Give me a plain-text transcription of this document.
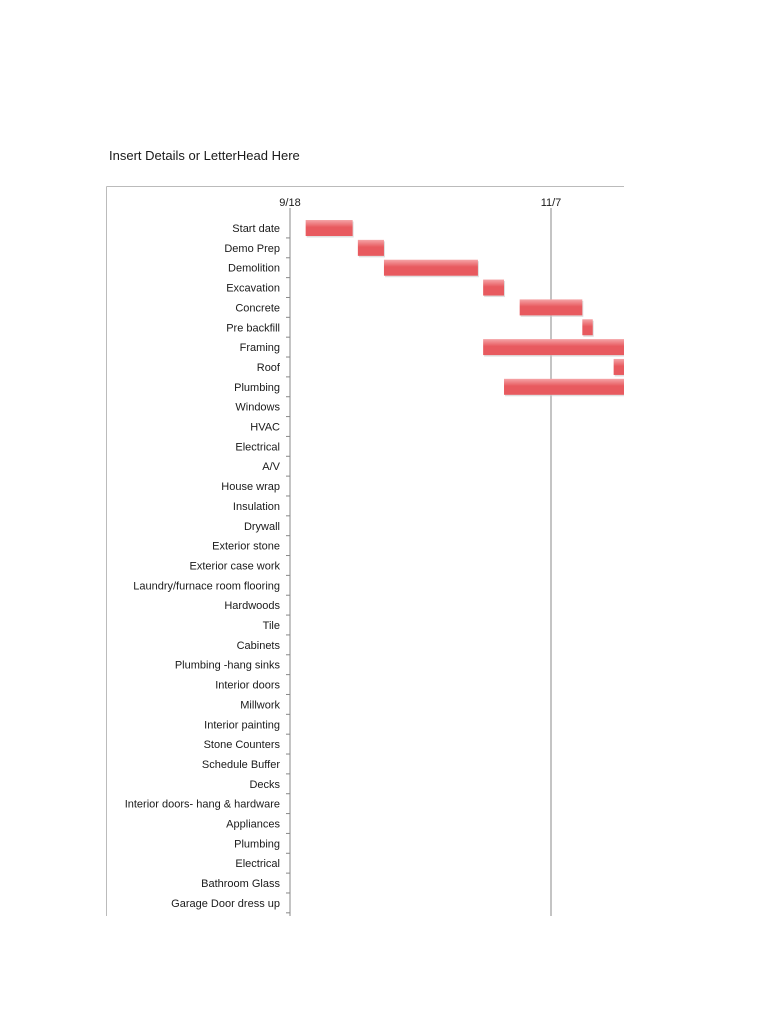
Insert Details or LetterHead Here
9/18	11/7
Start date
Demo Prep
Demolition
Excavation
Concrete
Pre backfill
Framing
Roof
Plumbing
Windows
HVAC
Electrical
A/V
House wrap
Insulation
Drywall
Exterior stone
Exterior case work
Laundry/furnace room flooring
Hardwoods
Tile
Cabinets
Plumbing -hang sinks
Interior doors
Millwork
Interior painting
Stone Counters
Schedule Buffer
Decks
Interior doors- hang & hardware
Appliances
Plumbing
Electrical
Bathroom Glass
Garage Door dress up
